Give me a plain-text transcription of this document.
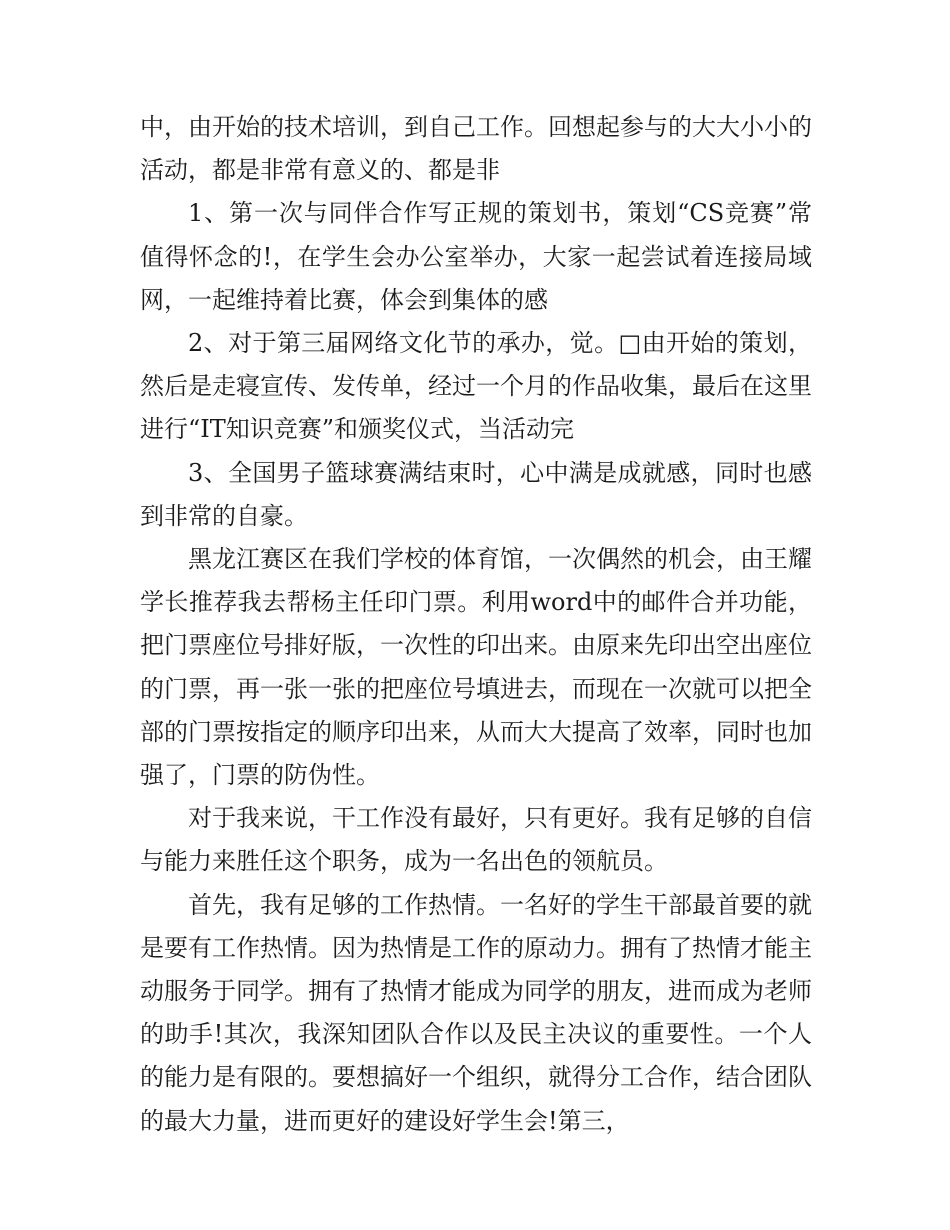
中，由开始的技术培训，到自己工作。回想起参与的大大小小的活动，都是非常有意义的、都是非

1、第一次与同伴合作写正规的策划书，策划“CS竞赛”常值得怀念的!，在学生会办公室举办，大家一起尝试着连接局域网，一起维持着比赛，体会到集体的感

2、对于第三届网络文化节的承办，觉。□由开始的策划，然后是走寝宣传、发传单，经过一个月的作品收集，最后在这里进行“IT知识竞赛”和颁奖仪式，当活动完

3、全国男子篮球赛满结束时，心中满是成就感，同时也感到非常的自豪。

黑龙江赛区在我们学校的体育馆，一次偶然的机会，由王耀学长推荐我去帮杨主任印门票。利用word中的邮件合并功能，把门票座位号排好版，一次性的印出来。由原来先印出空出座位的门票，再一张一张的把座位号填进去，而现在一次就可以把全部的门票按指定的顺序印出来，从而大大提高了效率，同时也加强了，门票的防伪性。

对于我来说，干工作没有最好，只有更好。我有足够的自信与能力来胜任这个职务，成为一名出色的领航员。

首先，我有足够的工作热情。一名好的学生干部最首要的就是要有工作热情。因为热情是工作的原动力。拥有了热情才能主动服务于同学。拥有了热情才能成为同学的朋友，进而成为老师的助手!其次，我深知团队合作以及民主决议的重要性。一个人的能力是有限的。要想搞好一个组织，就得分工合作，结合团队的最大力量，进而更好的建设好学生会!第三，
